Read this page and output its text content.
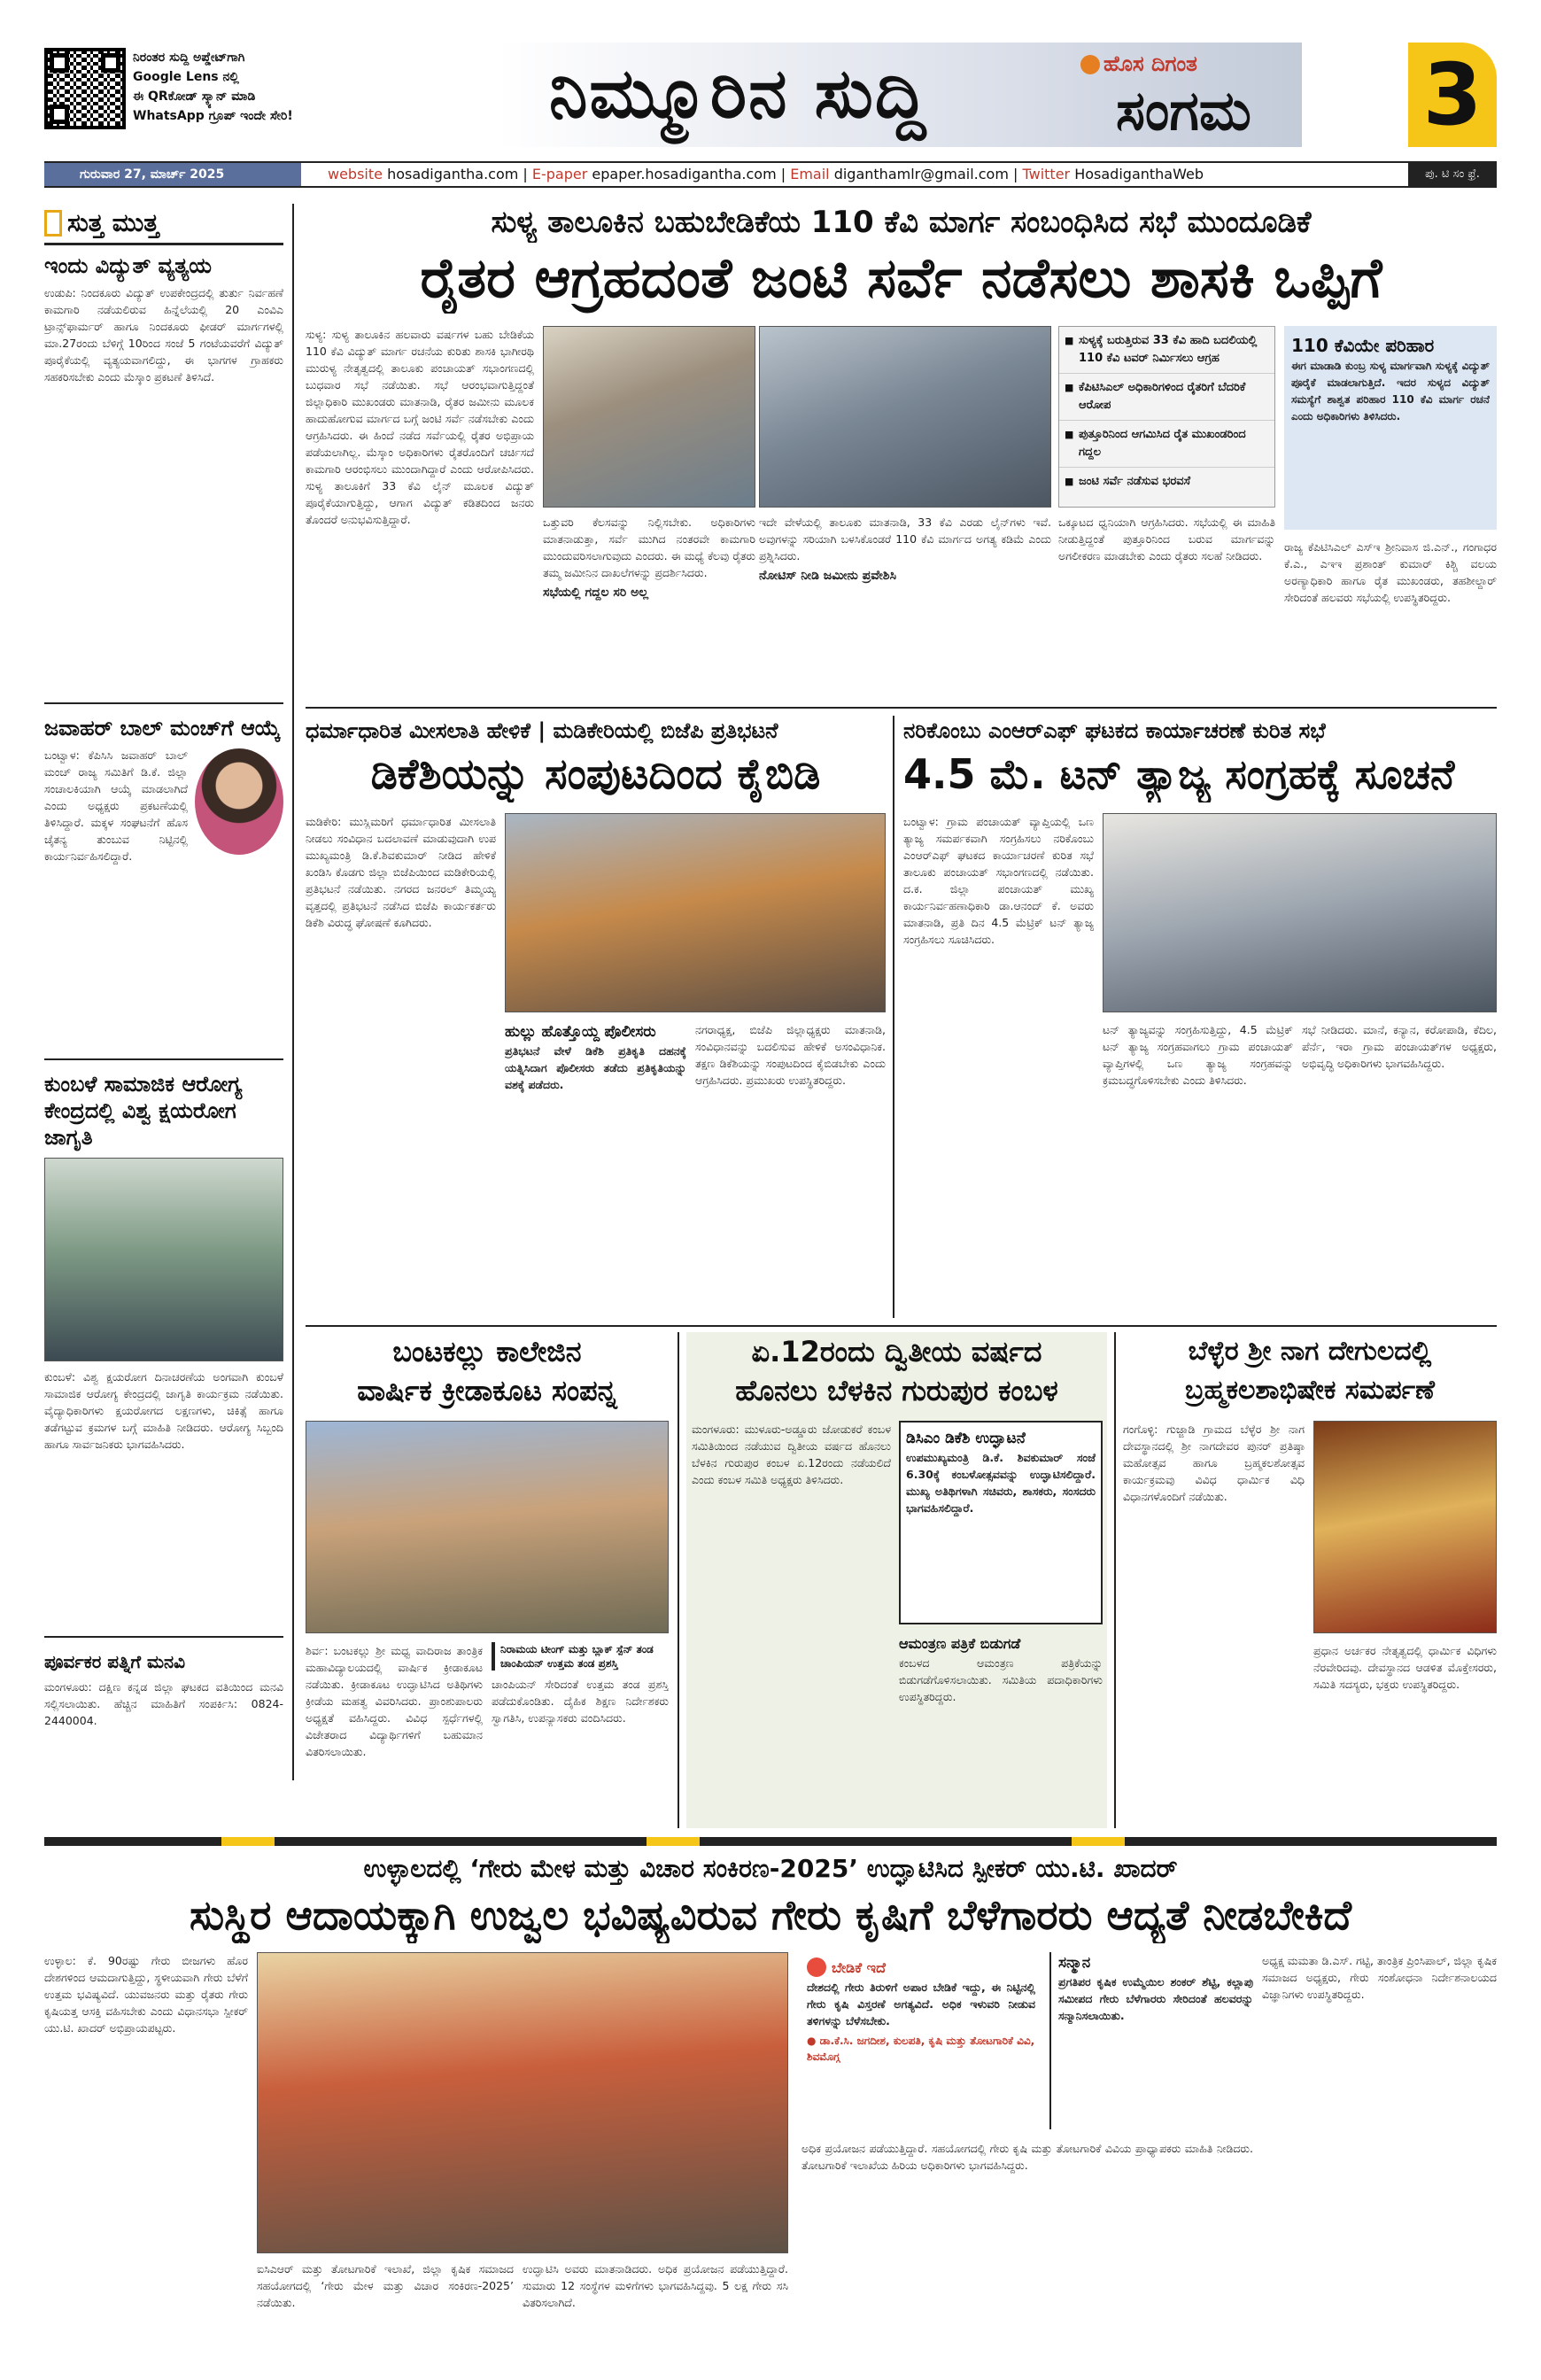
ನಿರಂತರ ಸುದ್ದಿ ಅಪ್ಡೇಟ್‌ಗಾಗಿ
Google Lens ನಲ್ಲಿ
ಈ QRಕೋಡ್ ಸ್ಕ್ಯಾನ್ ಮಾಡಿ
WhatsApp ಗ್ರೂಪ್ ಇಂದೇ ಸೇರಿ!	ನಿಮ್ಮೂರಿನ ಸುದ್ದಿ	ಹೊಸ ದಿಗಂತ
ಸಂಗಮ 3
ಗುರುವಾರ 27, ಮಾರ್ಚ್ 2025	website hosadigantha.com | E-paper epaper.hosadigantha.com | Email diganthamlr@gmail.com | Twitter HosadiganthaWeb	ಪು. ಟಿ ಸಂ ಫ್ರೆ.
ಸುತ್ತ ಮುತ್ತ
ಇಂದು ವಿದ್ಯುತ್ ವ್ಯತ್ಯಯ
ಉಡುಪಿ: ನಿಂದಕೂರು ವಿದ್ಯುತ್ ಉಪಕೇಂದ್ರದಲ್ಲಿ ತುರ್ತು ನಿರ್ವಹಣೆ ಕಾಮಗಾರಿ ನಡೆಯಲಿರುವ ಹಿನ್ನೆಲೆಯಲ್ಲಿ 20 ಎಂವಿಎ ಟ್ರಾನ್ಸ್‌ಫಾರ್ಮರ್ ಹಾಗೂ ನಿಂದಕೂರು ಫೀಡರ್ ಮಾರ್ಗಗಳಲ್ಲಿ ಮಾ.27ರಂದು ಬೆಳಿಗ್ಗೆ 10ರಿಂದ ಸಂಜೆ 5 ಗಂಟೆಯವರೆಗೆ ವಿದ್ಯುತ್ ಪೂರೈಕೆಯಲ್ಲಿ ವ್ಯತ್ಯಯವಾಗಲಿದ್ದು, ಈ ಭಾಗಗಳ ಗ್ರಾಹಕರು ಸಹಕರಿಸಬೇಕು ಎಂದು ಮೆಸ್ಕಾಂ ಪ್ರಕಟಣೆ ತಿಳಿಸಿದೆ.
ಜವಾಹರ್ ಬಾಲ್ ಮಂಚ್‌ಗೆ ಆಯ್ಕೆ
ಬಂಟ್ವಾಳ: ಕೆಪಿಸಿಸಿ ಜವಾಹರ್ ಬಾಲ್ ಮಂಚ್ ರಾಜ್ಯ ಸಮಿತಿಗೆ ಡಿ.ಕೆ. ಜಿಲ್ಲಾ ಸಂಚಾಲಕಿಯಾಗಿ ಆಯ್ಕೆ ಮಾಡಲಾಗಿದೆ ಎಂದು ಅಧ್ಯಕ್ಷರು ಪ್ರಕಟಣೆಯಲ್ಲಿ ತಿಳಿಸಿದ್ದಾರೆ. ಮಕ್ಕಳ ಸಂಘಟನೆಗೆ ಹೊಸ ಚೈತನ್ಯ ತುಂಬುವ ನಿಟ್ಟಿನಲ್ಲಿ ಕಾರ್ಯನಿರ್ವಹಿಸಲಿದ್ದಾರೆ.
ಕುಂಬಳೆ ಸಾಮಾಜಿಕ ಆರೋಗ್ಯ ಕೇಂದ್ರದಲ್ಲಿ ವಿಶ್ವ ಕ್ಷಯರೋಗ ಜಾಗೃತಿ
ಕುಂಬಳೆ: ವಿಶ್ವ ಕ್ಷಯರೋಗ ದಿನಾಚರಣೆಯ ಅಂಗವಾಗಿ ಕುಂಬಳೆ ಸಾಮಾಜಿಕ ಆರೋಗ್ಯ ಕೇಂದ್ರದಲ್ಲಿ ಜಾಗೃತಿ ಕಾರ್ಯಕ್ರಮ ನಡೆಯಿತು. ವೈದ್ಯಾಧಿಕಾರಿಗಳು ಕ್ಷಯರೋಗದ ಲಕ್ಷಣಗಳು, ಚಿಕಿತ್ಸೆ ಹಾಗೂ ತಡೆಗಟ್ಟುವ ಕ್ರಮಗಳ ಬಗ್ಗೆ ಮಾಹಿತಿ ನೀಡಿದರು. ಆರೋಗ್ಯ ಸಿಬ್ಬಂದಿ ಹಾಗೂ ಸಾರ್ವಜನಿಕರು ಭಾಗವಹಿಸಿದರು.
ಪೂರ್ವಕರ ಪತ್ನಿಗೆ ಮನವಿ
ಮಂಗಳೂರು: ದಕ್ಷಿಣ ಕನ್ನಡ ಜಿಲ್ಲಾ ಘಟಕದ ವತಿಯಿಂದ ಮನವಿ ಸಲ್ಲಿಸಲಾಯಿತು. ಹೆಚ್ಚಿನ ಮಾಹಿತಿಗೆ ಸಂಪರ್ಕಿಸಿ: 0824-2440004.
ಸುಳ್ಯ ತಾಲೂಕಿನ ಬಹುಬೇಡಿಕೆಯ 110 ಕೆವಿ ಮಾರ್ಗ ಸಂಬಂಧಿಸಿದ ಸಭೆ ಮುಂದೂಡಿಕೆ
ರೈತರ ಆಗ್ರಹದಂತೆ ಜಂಟಿ ಸರ್ವೆ ನಡೆಸಲು ಶಾಸಕಿ ಒಪ್ಪಿಗೆ
ಸುಳ್ಯ: ಸುಳ್ಯ ತಾಲೂಕಿನ ಹಲವಾರು ವರ್ಷಗಳ ಬಹು ಬೇಡಿಕೆಯ 110 ಕೆವಿ ವಿದ್ಯುತ್ ಮಾರ್ಗ ರಚನೆಯ ಕುರಿತು ಶಾಸಕಿ ಭಾಗೀರಥಿ ಮುರುಳ್ಯ ನೇತೃತ್ವದಲ್ಲಿ ತಾಲೂಕು ಪಂಚಾಯತ್ ಸಭಾಂಗಣದಲ್ಲಿ ಬುಧವಾರ ಸಭೆ ನಡೆಯಿತು. ಸಭೆ ಆರಂಭವಾಗುತ್ತಿದ್ದಂತೆ ಜಿಲ್ಲಾಧಿಕಾರಿ ಮುಖಂಡರು ಮಾತನಾಡಿ, ರೈತರ ಜಮೀನು ಮೂಲಕ ಹಾದುಹೋಗುವ ಮಾರ್ಗದ ಬಗ್ಗೆ ಜಂಟಿ ಸರ್ವೆ ನಡೆಸಬೇಕು ಎಂದು ಆಗ್ರಹಿಸಿದರು. ಈ ಹಿಂದೆ ನಡೆದ ಸರ್ವೆಯಲ್ಲಿ ರೈತರ ಅಭಿಪ್ರಾಯ ಪಡೆಯಲಾಗಿಲ್ಲ. ಮೆಸ್ಕಾಂ ಅಧಿಕಾರಿಗಳು ರೈತರೊಂದಿಗೆ ಚರ್ಚಿಸದೆ ಕಾಮಗಾರಿ ಆರಂಭಿಸಲು ಮುಂದಾಗಿದ್ದಾರೆ ಎಂದು ಆರೋಪಿಸಿದರು. ಸುಳ್ಯ ತಾಲೂಕಿಗೆ 33 ಕೆವಿ ಲೈನ್ ಮೂಲಕ ವಿದ್ಯುತ್ ಪೂರೈಕೆಯಾಗುತ್ತಿದ್ದು, ಆಗಾಗ ವಿದ್ಯುತ್ ಕಡಿತದಿಂದ ಜನರು ತೊಂದರೆ ಅನುಭವಿಸುತ್ತಿದ್ದಾರೆ.
■ ಸುಳ್ಯಕ್ಕೆ ಬರುತ್ತಿರುವ 33 ಕೆವಿ ಹಾದಿ ಬದಲಿಯಲ್ಲಿ 110 ಕೆವಿ ಟವರ್ ನಿರ್ಮಿಸಲು ಆಗ್ರಹ
■ ಕೆಪಿಟಿಸಿಎಲ್ ಅಧಿಕಾರಿಗಳಿಂದ ರೈತರಿಗೆ ಬೆದರಿಕೆ ಆರೋಪ
■ ಪುತ್ತೂರಿನಿಂದ ಆಗಮಿಸಿದ ರೈತ ಮುಖಂಡರಿಂದ ಗದ್ದಲ
■ ಜಂಟಿ ಸರ್ವೆ ನಡೆಸುವ ಭರವಸೆ
110 ಕೆವಿಯೇ ಪರಿಹಾರ
ಈಗ ಮಾಡಾಡಿ ಕುಂಬ್ರ ಸುಳ್ಯ ಮಾರ್ಗವಾಗಿ ಸುಳ್ಯಕ್ಕೆ ವಿದ್ಯುತ್ ಪೂರೈಕೆ ಮಾಡಲಾಗುತ್ತಿದೆ. ಇದರ ಸುಳ್ಯದ ವಿದ್ಯುತ್ ಸಮಸ್ಯೆಗೆ ಶಾಶ್ವತ ಪರಿಹಾರ 110 ಕೆವಿ ಮಾರ್ಗ ರಚನೆ ಎಂದು ಅಧಿಕಾರಿಗಳು ತಿಳಿಸಿದರು.
ಒತ್ತುವರಿ ಕೆಲಸವನ್ನು ನಿಲ್ಲಿಸಬೇಕು. ಅಧಿಕಾರಿಗಳು ಮಾತನಾಡುತ್ತಾ, ಸರ್ವೆ ಮುಗಿದ ನಂತರವೇ ಕಾಮಗಾರಿ ಮುಂದುವರಿಸಲಾಗುವುದು ಎಂದರು. ಈ ಮಧ್ಯೆ ಕೆಲವು ರೈತರು ತಮ್ಮ ಜಮೀನಿನ ದಾಖಲೆಗಳನ್ನು ಪ್ರದರ್ಶಿಸಿದರು.
ಸಭೆಯಲ್ಲಿ ಗದ್ದಲ ಸರಿ ಅಲ್ಲ
ಇದೇ ವೇಳೆಯಲ್ಲಿ ತಾಲೂಕು ಮಾತನಾಡಿ, 33 ಕೆವಿ ಎರಡು ಲೈನ್‌ಗಳು ಇವೆ. ಅವುಗಳನ್ನು ಸರಿಯಾಗಿ ಬಳಸಿಕೊಂಡರೆ 110 ಕೆವಿ ಮಾರ್ಗದ ಅಗತ್ಯ ಕಡಿಮೆ ಎಂದು ಪ್ರಶ್ನಿಸಿದರು.
ನೋಟಿಸ್ ನೀಡಿ ಜಮೀನು ಪ್ರವೇಶಿಸಿ
ಒಕ್ಕೂಟದ ಧ್ವನಿಯಾಗಿ ಆಗ್ರಹಿಸಿದರು. ಸಭೆಯಲ್ಲಿ ಈ ಮಾಹಿತಿ ನೀಡುತ್ತಿದ್ದಂತೆ ಪುತ್ತೂರಿನಿಂದ ಬರುವ ಮಾರ್ಗವನ್ನು ಅಗಲೀಕರಣ ಮಾಡಬೇಕು ಎಂದು ರೈತರು ಸಲಹೆ ನೀಡಿದರು.
ರಾಜ್ಯ ಕೆಪಿಟಿಸಿಎಲ್ ಎಸ್ಇ ಶ್ರೀನಿವಾಸ ಜಿ.ಎನ್., ಗಂಗಾಧರ ಕೆ.ಎ., ಎಇಇ ಪ್ರಶಾಂತ್ ಕುಮಾರ್ ಕಿಶ್ಚಿ ವಲಯ ಅರಣ್ಯಾಧಿಕಾರಿ ಹಾಗೂ ರೈತ ಮುಖಂಡರು, ತಹಶೀಲ್ದಾರ್ ಸೇರಿದಂತೆ ಹಲವರು ಸಭೆಯಲ್ಲಿ ಉಪಸ್ಥಿತರಿದ್ದರು.
ಧರ್ಮಾಧಾರಿತ ಮೀಸಲಾತಿ ಹೇಳಿಕೆ | ಮಡಿಕೇರಿಯಲ್ಲಿ ಬಿಜೆಪಿ ಪ್ರತಿಭಟನೆ
ಡಿಕೆಶಿಯನ್ನು ಸಂಪುಟದಿಂದ ಕೈಬಿಡಿ
ಮಡಿಕೇರಿ: ಮುಸ್ಲಿಮರಿಗೆ ಧರ್ಮಾಧಾರಿತ ಮೀಸಲಾತಿ ನೀಡಲು ಸಂವಿಧಾನ ಬದಲಾವಣೆ ಮಾಡುವುದಾಗಿ ಉಪ ಮುಖ್ಯಮಂತ್ರಿ ಡಿ.ಕೆ.ಶಿವಕುಮಾರ್ ನೀಡಿದ ಹೇಳಿಕೆ ಖಂಡಿಸಿ ಕೊಡಗು ಜಿಲ್ಲಾ ಬಿಜೆಪಿಯಿಂದ ಮಡಿಕೇರಿಯಲ್ಲಿ ಪ್ರತಿಭಟನೆ ನಡೆಯಿತು. ನಗರದ ಜನರಲ್ ತಿಮ್ಮಯ್ಯ ವೃತ್ತದಲ್ಲಿ ಪ್ರತಿಭಟನೆ ನಡೆಸಿದ ಬಿಜೆಪಿ ಕಾರ್ಯಕರ್ತರು ಡಿಕೆಶಿ ವಿರುದ್ಧ ಘೋಷಣೆ ಕೂಗಿದರು.
ಹುಲ್ಲು ಹೊತ್ತೊಯ್ದ ಪೊಲೀಸರು
ಪ್ರತಿಭಟನೆ ವೇಳೆ ಡಿಕೆಶಿ ಪ್ರತಿಕೃತಿ ದಹನಕ್ಕೆ ಯತ್ನಿಸಿದಾಗ ಪೊಲೀಸರು ತಡೆದು ಪ್ರತಿಕೃತಿಯನ್ನು ವಶಕ್ಕೆ ಪಡೆದರು.
ನಗರಾಧ್ಯಕ್ಷ, ಬಿಜೆಪಿ ಜಿಲ್ಲಾಧ್ಯಕ್ಷರು ಮಾತನಾಡಿ, ಸಂವಿಧಾನವನ್ನು ಬದಲಿಸುವ ಹೇಳಿಕೆ ಅಸಂವಿಧಾನಿಕ. ತಕ್ಷಣ ಡಿಕೆಶಿಯನ್ನು ಸಂಪುಟದಿಂದ ಕೈಬಿಡಬೇಕು ಎಂದು ಆಗ್ರಹಿಸಿದರು. ಪ್ರಮುಖರು ಉಪಸ್ಥಿತರಿದ್ದರು.
ನರಿಕೊಂಬು ಎಂಆರ್‌ಎಫ್ ಘಟಕದ ಕಾರ್ಯಾಚರಣೆ ಕುರಿತ ಸಭೆ
4.5 ಮೆ. ಟನ್ ತ್ಯಾಜ್ಯ ಸಂಗ್ರಹಕ್ಕೆ ಸೂಚನೆ
ಬಂಟ್ವಾಳ: ಗ್ರಾಮ ಪಂಚಾಯತ್ ವ್ಯಾಪ್ತಿಯಲ್ಲಿ ಒಣ ತ್ಯಾಜ್ಯ ಸಮರ್ಪಕವಾಗಿ ಸಂಗ್ರಹಿಸಲು ನರಿಕೊಂಬು ಎಂಆರ್‌ಎಫ್ ಘಟಕದ ಕಾರ್ಯಾಚರಣೆ ಕುರಿತ ಸಭೆ ತಾಲೂಕು ಪಂಚಾಯತ್ ಸಭಾಂಗಣದಲ್ಲಿ ನಡೆಯಿತು. ದ.ಕ. ಜಿಲ್ಲಾ ಪಂಚಾಯತ್ ಮುಖ್ಯ ಕಾರ್ಯನಿರ್ವಹಣಾಧಿಕಾರಿ ಡಾ.ಆನಂದ್ ಕೆ. ಅವರು ಮಾತನಾಡಿ, ಪ್ರತಿ ದಿನ 4.5 ಮೆಟ್ರಿಕ್ ಟನ್ ತ್ಯಾಜ್ಯ ಸಂಗ್ರಹಿಸಲು ಸೂಚಿಸಿದರು.
ಟನ್ ತ್ಯಾಜ್ಯವನ್ನು ಸಂಗ್ರಹಿಸುತ್ತಿದ್ದು, 4.5 ಮೆಟ್ರಿಕ್ ಟನ್ ತ್ಯಾಜ್ಯ ಸಂಗ್ರಹವಾಗಲು ಗ್ರಾಮ ಪಂಚಾಯತ್ ವ್ಯಾಪ್ತಿಗಳಲ್ಲಿ ಒಣ ತ್ಯಾಜ್ಯ ಸಂಗ್ರಹವನ್ನು ಕ್ರಮಬದ್ಧಗೊಳಿಸಬೇಕು ಎಂದು ತಿಳಿಸಿದರು.
ಸಭೆ ನೀಡಿದರು. ಮಾನೆ, ಕನ್ಯಾನ, ಕರೋಪಾಡಿ, ಕೆದಿಲ, ಪೆರ್ನೆ, ಇರಾ ಗ್ರಾಮ ಪಂಚಾಯತ್‌ಗಳ ಅಧ್ಯಕ್ಷರು, ಅಭಿವೃದ್ಧಿ ಅಧಿಕಾರಿಗಳು ಭಾಗವಹಿಸಿದ್ದರು.
ಬಂಟಕಲ್ಲು ಕಾಲೇಜಿನ
ವಾರ್ಷಿಕ ಕ್ರೀಡಾಕೂಟ ಸಂಪನ್ನ
ಶಿರ್ವ: ಬಂಟಕಲ್ಲು ಶ್ರೀ ಮಧ್ವ ವಾದಿರಾಜ ತಾಂತ್ರಿಕ ಮಹಾವಿದ್ಯಾಲಯದಲ್ಲಿ ವಾರ್ಷಿಕ ಕ್ರೀಡಾಕೂಟ ನಡೆಯಿತು. ಕ್ರೀಡಾಕೂಟ ಉದ್ಘಾಟಿಸಿದ ಅತಿಥಿಗಳು ಕ್ರೀಡೆಯ ಮಹತ್ವ ವಿವರಿಸಿದರು. ಪ್ರಾಂಶುಪಾಲರು ಅಧ್ಯಕ್ಷತೆ ವಹಿಸಿದ್ದರು. ವಿವಿಧ ಸ್ಪರ್ಧೆಗಳಲ್ಲಿ ವಿಜೇತರಾದ ವಿದ್ಯಾರ್ಥಿಗಳಿಗೆ ಬಹುಮಾನ ವಿತರಿಸಲಾಯಿತು.
ನಿರಾಮಯ ಟೀಂಗ್ ಮತ್ತು ಬ್ಲಾಕ್ ಸ್ಪೆನ್ ತಂಡ ಚಾಂಪಿಯನ್‌ ಉತ್ತಮ ತಂಡ ಪ್ರಶಸ್ತಿ
ಚಾಂಪಿಯನ್ ಸೇರಿದಂತೆ ಉತ್ತಮ ತಂಡ ಪ್ರಶಸ್ತಿ ಪಡೆದುಕೊಂಡಿತು. ದೈಹಿಕ ಶಿಕ್ಷಣ ನಿರ್ದೇಶಕರು ಸ್ವಾಗತಿಸಿ, ಉಪನ್ಯಾಸಕರು ವಂದಿಸಿದರು.
ಏ.12ರಂದು ದ್ವಿತೀಯ ವರ್ಷದ
ಹೊನಲು ಬೆಳಕಿನ ಗುರುಪುರ ಕಂಬಳ
ಮಂಗಳೂರು: ಮುಳೂರು-ಅಡ್ಡೂರು ಜೋಡುಕರೆ ಕಂಬಳ ಸಮಿತಿಯಿಂದ ನಡೆಯುವ ದ್ವಿತೀಯ ವರ್ಷದ ಹೊನಲು ಬೆಳಕಿನ ಗುರುಪುರ ಕಂಬಳ ಏ.12ರಂದು ನಡೆಯಲಿದೆ ಎಂದು ಕಂಬಳ ಸಮಿತಿ ಅಧ್ಯಕ್ಷರು ತಿಳಿಸಿದರು.
ಡಿಸಿಎಂ ಡಿಕೆಶಿ ಉದ್ಘಾಟನೆ
ಉಪಮುಖ್ಯಮಂತ್ರಿ ಡಿ.ಕೆ. ಶಿವಕುಮಾರ್ ಸಂಜೆ 6.30ಕ್ಕೆ ಕಂಬಳೋತ್ಸವವನ್ನು ಉದ್ಘಾಟಿಸಲಿದ್ದಾರೆ. ಮುಖ್ಯ ಅತಿಥಿಗಳಾಗಿ ಸಚಿವರು, ಶಾಸಕರು, ಸಂಸದರು ಭಾಗವಹಿಸಲಿದ್ದಾರೆ.
ಆಮಂತ್ರಣ ಪತ್ರಿಕೆ ಬಿಡುಗಡೆ
ಕಂಬಳದ ಆಮಂತ್ರಣ ಪತ್ರಿಕೆಯನ್ನು ಬಿಡುಗಡೆಗೊಳಿಸಲಾಯಿತು. ಸಮಿತಿಯ ಪದಾಧಿಕಾರಿಗಳು ಉಪಸ್ಥಿತರಿದ್ದರು.
ಬೆಳ್ಳೆರ ಶ್ರೀ ನಾಗ ದೇಗುಲದಲ್ಲಿ
ಬ್ರಹ್ಮಕಲಶಾಭಿಷೇಕ ಸಮರ್ಪಣೆ
ಗಂಗೊಳ್ಳಿ: ಗುಜ್ಜಾಡಿ ಗ್ರಾಮದ ಬೆಳ್ಳೆರ ಶ್ರೀ ನಾಗ ದೇವಸ್ಥಾನದಲ್ಲಿ ಶ್ರೀ ನಾಗದೇವರ ಪುನರ್ ಪ್ರತಿಷ್ಠಾ ಮಹೋತ್ಸವ ಹಾಗೂ ಬ್ರಹ್ಮಕಲಶೋತ್ಸವ ಕಾರ್ಯಕ್ರಮವು ವಿವಿಧ ಧಾರ್ಮಿಕ ವಿಧಿ ವಿಧಾನಗಳೊಂದಿಗೆ ನಡೆಯಿತು.
ಪ್ರಧಾನ ಅರ್ಚಕರ ನೇತೃತ್ವದಲ್ಲಿ ಧಾರ್ಮಿಕ ವಿಧಿಗಳು ನೆರವೇರಿದವು. ದೇವಸ್ಥಾನದ ಆಡಳಿತ ಮೊಕ್ತೇಸರರು, ಸಮಿತಿ ಸದಸ್ಯರು, ಭಕ್ತರು ಉಪಸ್ಥಿತರಿದ್ದರು.
ಉಳ್ಳಾಲದಲ್ಲಿ ‘ಗೇರು ಮೇಳ ಮತ್ತು ವಿಚಾರ ಸಂಕಿರಣ-2025’ ಉದ್ಘಾಟಿಸಿದ ಸ್ಪೀಕರ್ ಯು.ಟಿ. ಖಾದರ್
ಸುಸ್ಥಿರ ಆದಾಯಕ್ಕಾಗಿ ಉಜ್ವಲ ಭವಿಷ್ಯವಿರುವ ಗೇರು ಕೃಷಿಗೆ ಬೆಳೆಗಾರರು ಆದ್ಯತೆ ನೀಡಬೇಕಿದೆ
ಉಳ್ಳಾಲ: ಕೆ. 90ರಷ್ಟು ಗೇರು ಬೀಜಗಳು ಹೊರ ದೇಶಗಳಿಂದ ಆಮದಾಗುತ್ತಿದ್ದು, ಸ್ಥಳೀಯವಾಗಿ ಗೇರು ಬೆಳೆಗೆ ಉತ್ತಮ ಭವಿಷ್ಯವಿದೆ. ಯುವಜನರು ಮತ್ತು ರೈತರು ಗೇರು ಕೃಷಿಯತ್ತ ಆಸಕ್ತಿ ವಹಿಸಬೇಕು ಎಂದು ವಿಧಾನಸಭಾ ಸ್ಪೀಕರ್ ಯು.ಟಿ. ಖಾದರ್ ಅಭಿಪ್ರಾಯಪಟ್ಟರು.
ಐಸಿಎಆರ್ ಮತ್ತು ತೋಟಗಾರಿಕೆ ಇಲಾಖೆ, ಜಿಲ್ಲಾ ಕೃಷಿಕ ಸಮಾಜದ ಸಹಯೋಗದಲ್ಲಿ ‘ಗೇರು ಮೇಳ ಮತ್ತು ವಿಚಾರ ಸಂಕಿರಣ-2025’ ನಡೆಯಿತು.
ಉದ್ಘಾಟಿಸಿ ಅವರು ಮಾತನಾಡಿದರು. ಅಧಿಕ ಪ್ರಯೋಜನ ಪಡೆಯುತ್ತಿದ್ದಾರೆ. ಸುಮಾರು 12 ಸಂಸ್ಥೆಗಳ ಮಳಿಗೆಗಳು ಭಾಗವಹಿಸಿದ್ದವು. 5 ಲಕ್ಷ ಗೇರು ಸಸಿ ವಿತರಿಸಲಾಗಿದೆ.
ಬೇಡಿಕೆ ಇದೆ
ದೇಶದಲ್ಲಿ ಗೇರು ತಿರುಳಿಗೆ ಅಪಾರ ಬೇಡಿಕೆ ಇದ್ದು, ಈ ನಿಟ್ಟಿನಲ್ಲಿ ಗೇರು ಕೃಷಿ ವಿಸ್ತರಣೆ ಅಗತ್ಯವಿದೆ. ಅಧಿಕ ಇಳುವರಿ ನೀಡುವ ತಳಿಗಳನ್ನು ಬೆಳೆಸಬೇಕು.
● ಡಾ.ಕೆ.ಸಿ. ಜಗದೀಶ, ಕುಲಪತಿ, ಕೃಷಿ ಮತ್ತು ತೋಟಗಾರಿಕೆ ವಿವಿ, ಶಿವಮೊಗ್ಗ
ಸನ್ಮಾನ
ಪ್ರಗತಿಪರ ಕೃಷಿಕ ಉಮ್ಮೆಯಿಲ ಶಂಕರ್ ಶೆಟ್ಟಿ, ಕಲ್ಲಾಪು ಸಮೀಪದ ಗೇರು ಬೆಳೆಗಾರರು ಸೇರಿದಂತೆ ಹಲವರನ್ನು ಸನ್ಮಾನಿಸಲಾಯಿತು.
ಅಧ್ಯಕ್ಷ ಮಮತಾ ಡಿ.ಎಸ್. ಗಟ್ಟಿ, ತಾಂತ್ರಿಕ ಪ್ರಿಂಸಿಪಾಲ್, ಜಿಲ್ಲಾ ಕೃಷಿಕ ಸಮಾಜದ ಅಧ್ಯಕ್ಷರು, ಗೇರು ಸಂಶೋಧನಾ ನಿರ್ದೇಶನಾಲಯದ ವಿಜ್ಞಾನಿಗಳು ಉಪಸ್ಥಿತರಿದ್ದರು.
ಅಧಿಕ ಪ್ರಯೋಜನ ಪಡೆಯುತ್ತಿದ್ದಾರೆ. ಸಹಯೋಗದಲ್ಲಿ ಗೇರು ಕೃಷಿ ಮತ್ತು ತೋಟಗಾರಿಕೆ ವಿವಿಯ ಪ್ರಾಧ್ಯಾಪಕರು ಮಾಹಿತಿ ನೀಡಿದರು. ತೋಟಗಾರಿಕೆ ಇಲಾಖೆಯ ಹಿರಿಯ ಅಧಿಕಾರಿಗಳು ಭಾಗವಹಿಸಿದ್ದರು.
